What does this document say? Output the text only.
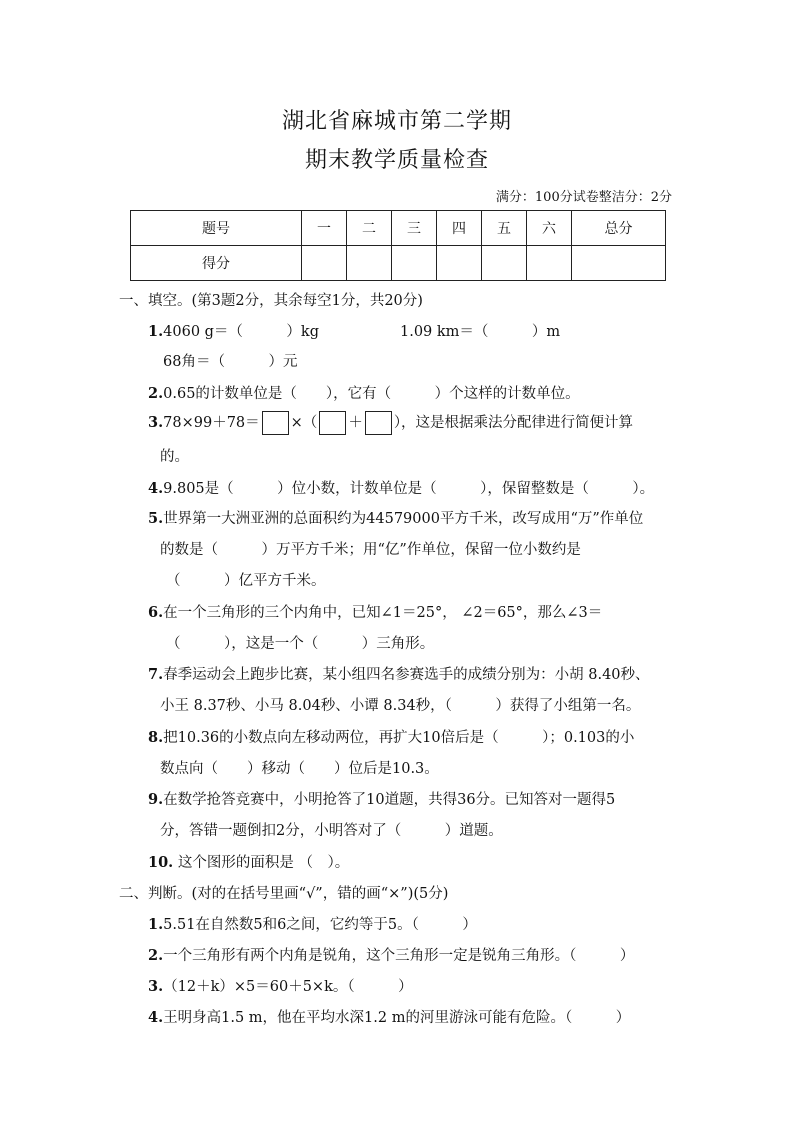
湖北省麻城市第二学期
期末教学质量检查
满分：100分试卷整洁分：2分
题号	一	二	三	四	五	六	总分
得分							
一、填空。(第3题2分，其余每空1分，共20分)
1.4060 g＝（　　　）kg	1.09 km＝（　　　）m
68角＝（　　　）元
2.0.65的计数单位是（　　），它有（　　　）个这样的计数单位。
3.78×99＋78＝ ×（ ＋ ），这是根据乘法分配律进行简便计算
的。
4.9.805是（　　　）位小数，计数单位是（　　　），保留整数是（　　　）。
5.世界第一大洲亚洲的总面积约为44579000平方千米，改写成用“万”作单位
的数是（　　　）万平方千米；用“亿”作单位，保留一位小数约是
（　　　）亿平方千米。
6.在一个三角形的三个内角中，已知∠1＝25°， ∠2＝65°，那么∠3＝
（　　　），这是一个（　　　）三角形。
7.春季运动会上跑步比赛，某小组四名参赛选手的成绩分别为：小胡 8.40秒、
小王 8.37秒、小马 8.04秒、小谭 8.34秒，（　　　）获得了小组第一名。
8.把10.36的小数点向左移动两位，再扩大10倍后是（　　　）；0.103的小
数点向（　　）移动（　　）位后是10.3。
9.在数学抢答竞赛中，小明抢答了10道题，共得36分。已知答对一题得5
分，答错一题倒扣2分，小明答对了（　　　）道题。
10. 这个图形的面积是 （　）。
二、判断。(对的在括号里画“√”，错的画“×”)(5分)
1.5.51在自然数5和6之间，它约等于5。（　　　）
2.一个三角形有两个内角是锐角，这个三角形一定是锐角三角形。（　　　）
3.（12＋k）×5＝60＋5×k。（　　　）
4.王明身高1.5 m，他在平均水深1.2 m的河里游泳可能有危险。（　　　）
